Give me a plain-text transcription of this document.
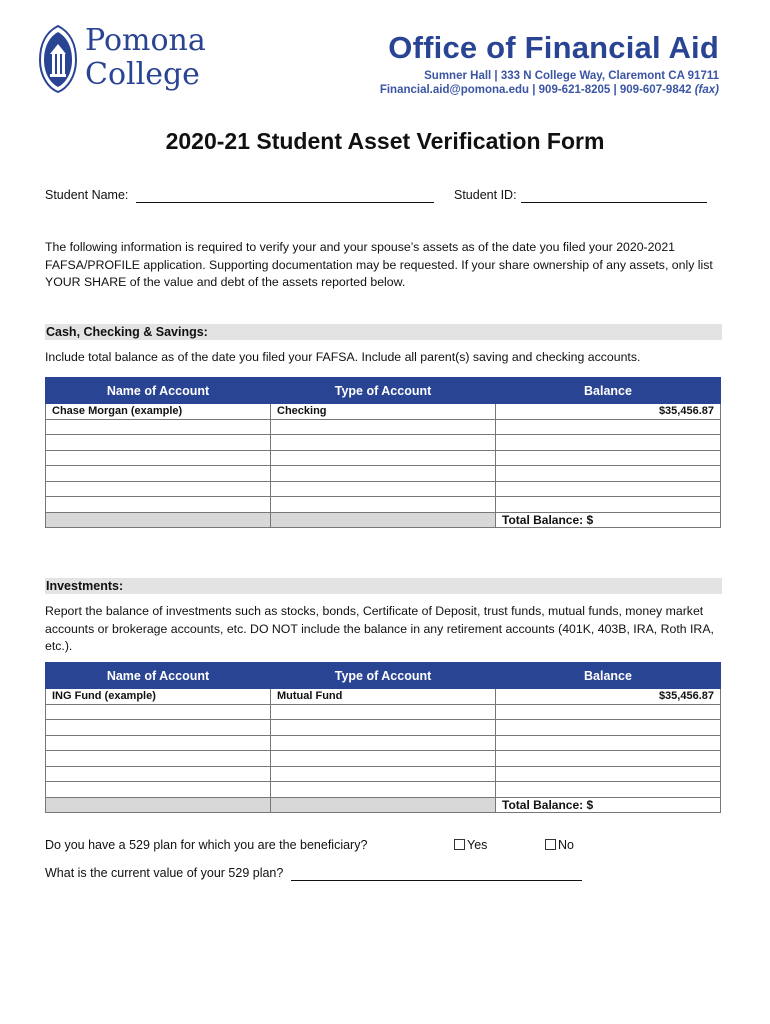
Pomona
College
Office of Financial Aid
Sumner Hall | 333 N College Way, Claremont CA 91711
Financial.aid@pomona.edu | 909-621-8205 | 909-607-9842 (fax)
2020-21 Student Asset Verification Form
Student Name:	Student ID:
The following information is required to verify your and your spouse’s assets as of the date you filed your 2020-2021 FAFSA/PROFILE application. Supporting documentation may be requested. If your share ownership of any assets, only list YOUR SHARE of the value and debt of the assets reported below.
Cash, Checking & Savings:
Include total balance as of the date you filed your FAFSA. Include all parent(s) saving and checking accounts.
Name of Account	Type of Account	Balance
Chase Morgan (example)	Checking	$35,456.87

		Total Balance: $
Investments:
Report the balance of investments such as stocks, bonds, Certificate of Deposit, trust funds, mutual funds, money market accounts or brokerage accounts, etc. DO NOT include the balance in any retirement accounts (401K, 403B, IRA, Roth IRA, etc.).
Name of Account	Type of Account	Balance
ING Fund (example)	Mutual Fund	$35,456.87

		Total Balance: $
Do you have a 529 plan for which you are the beneficiary?	Yes	No
What is the current value of your 529 plan?
